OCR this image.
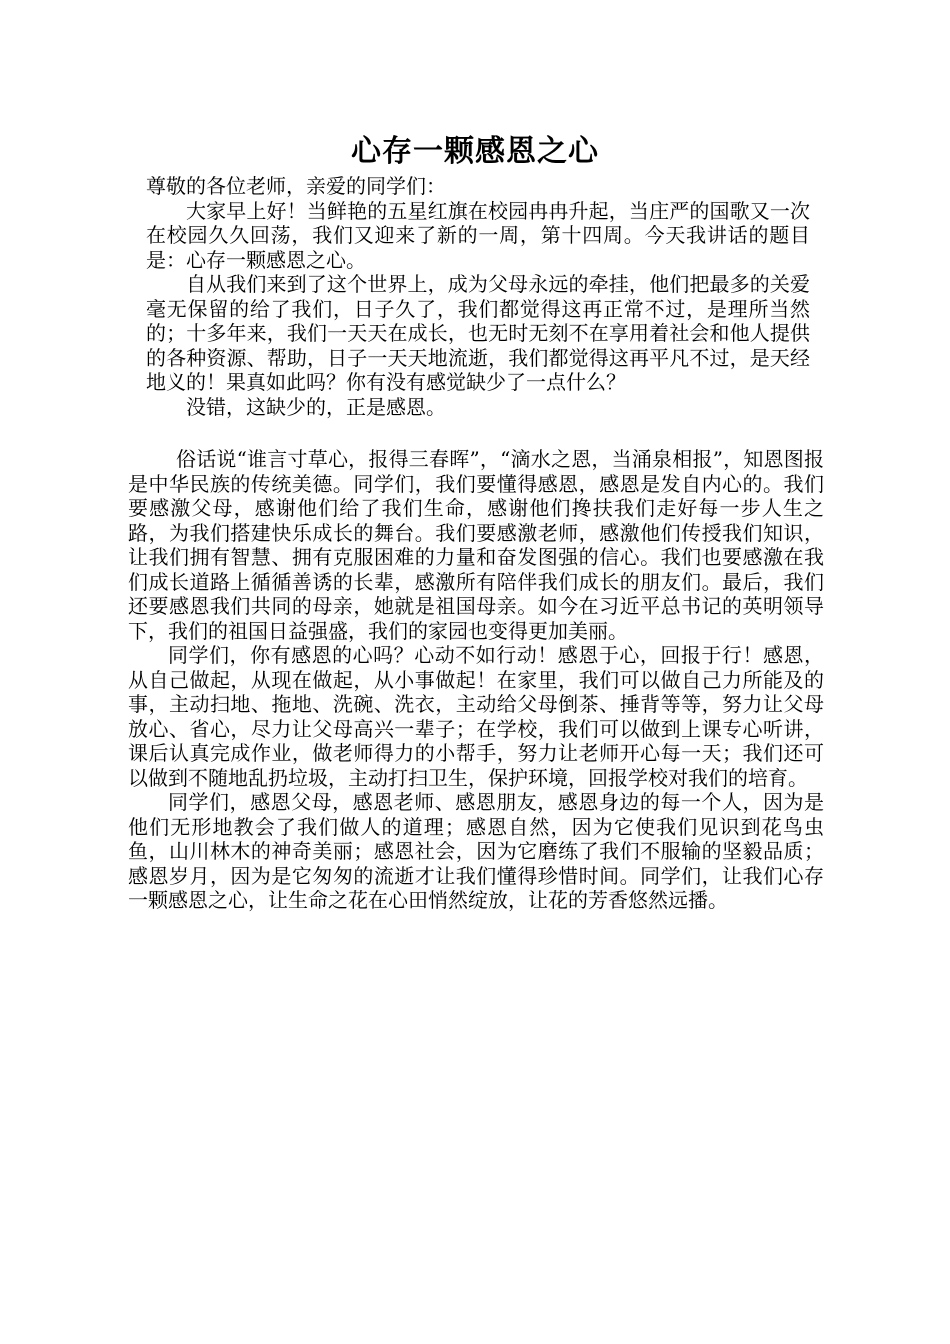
心存一颗感恩之心

尊敬的各位老师，亲爱的同学们：

大家早上好！当鲜艳的五星红旗在校园冉冉升起，当庄严的国歌又一次在校园久久回荡，我们又迎来了新的一周，第十四周。今天我讲话的题目是：心存一颗感恩之心。

自从我们来到了这个世界上，成为父母永远的牵挂，他们把最多的关爱毫无保留的给了我们，日子久了，我们都觉得这再正常不过，是理所当然的；十多年来，我们一天天在成长，也无时无刻不在享用着社会和他人提供的各种资源、帮助，日子一天天地流逝，我们都觉得这再平凡不过，是天经地义的！果真如此吗？你有没有感觉缺少了一点什么？

没错，这缺少的，正是感恩。

俗话说“谁言寸草心，报得三春晖”，“滴水之恩，当涌泉相报”，知恩图报是中华民族的传统美德。同学们，我们要懂得感恩，感恩是发自内心的。我们要感激父母，感谢他们给了我们生命，感谢他们搀扶我们走好每一步人生之路，为我们搭建快乐成长的舞台。我们要感激老师，感激他们传授我们知识，让我们拥有智慧、拥有克服困难的力量和奋发图强的信心。我们也要感激在我们成长道路上循循善诱的长辈，感激所有陪伴我们成长的朋友们。最后，我们还要感恩我们共同的母亲，她就是祖国母亲。如今在习近平总书记的英明领导下，我们的祖国日益强盛，我们的家园也变得更加美丽。

同学们，你有感恩的心吗？心动不如行动！感恩于心，回报于行！感恩，从自己做起，从现在做起，从小事做起！在家里，我们可以做自己力所能及的事，主动扫地、拖地、洗碗、洗衣，主动给父母倒茶、捶背等等，努力让父母放心、省心，尽力让父母高兴一辈子；在学校，我们可以做到上课专心听讲，课后认真完成作业，做老师得力的小帮手，努力让老师开心每一天；我们还可以做到不随地乱扔垃圾，主动打扫卫生，保护环境，回报学校对我们的培育。

同学们，感恩父母，感恩老师、感恩朋友，感恩身边的每一个人，因为是他们无形地教会了我们做人的道理；感恩自然，因为它使我们见识到花鸟虫鱼，山川林木的神奇美丽；感恩社会，因为它磨练了我们不服输的坚毅品质；感恩岁月，因为是它匆匆的流逝才让我们懂得珍惜时间。同学们，让我们心存一颗感恩之心，让生命之花在心田悄然绽放，让花的芳香悠然远播。
